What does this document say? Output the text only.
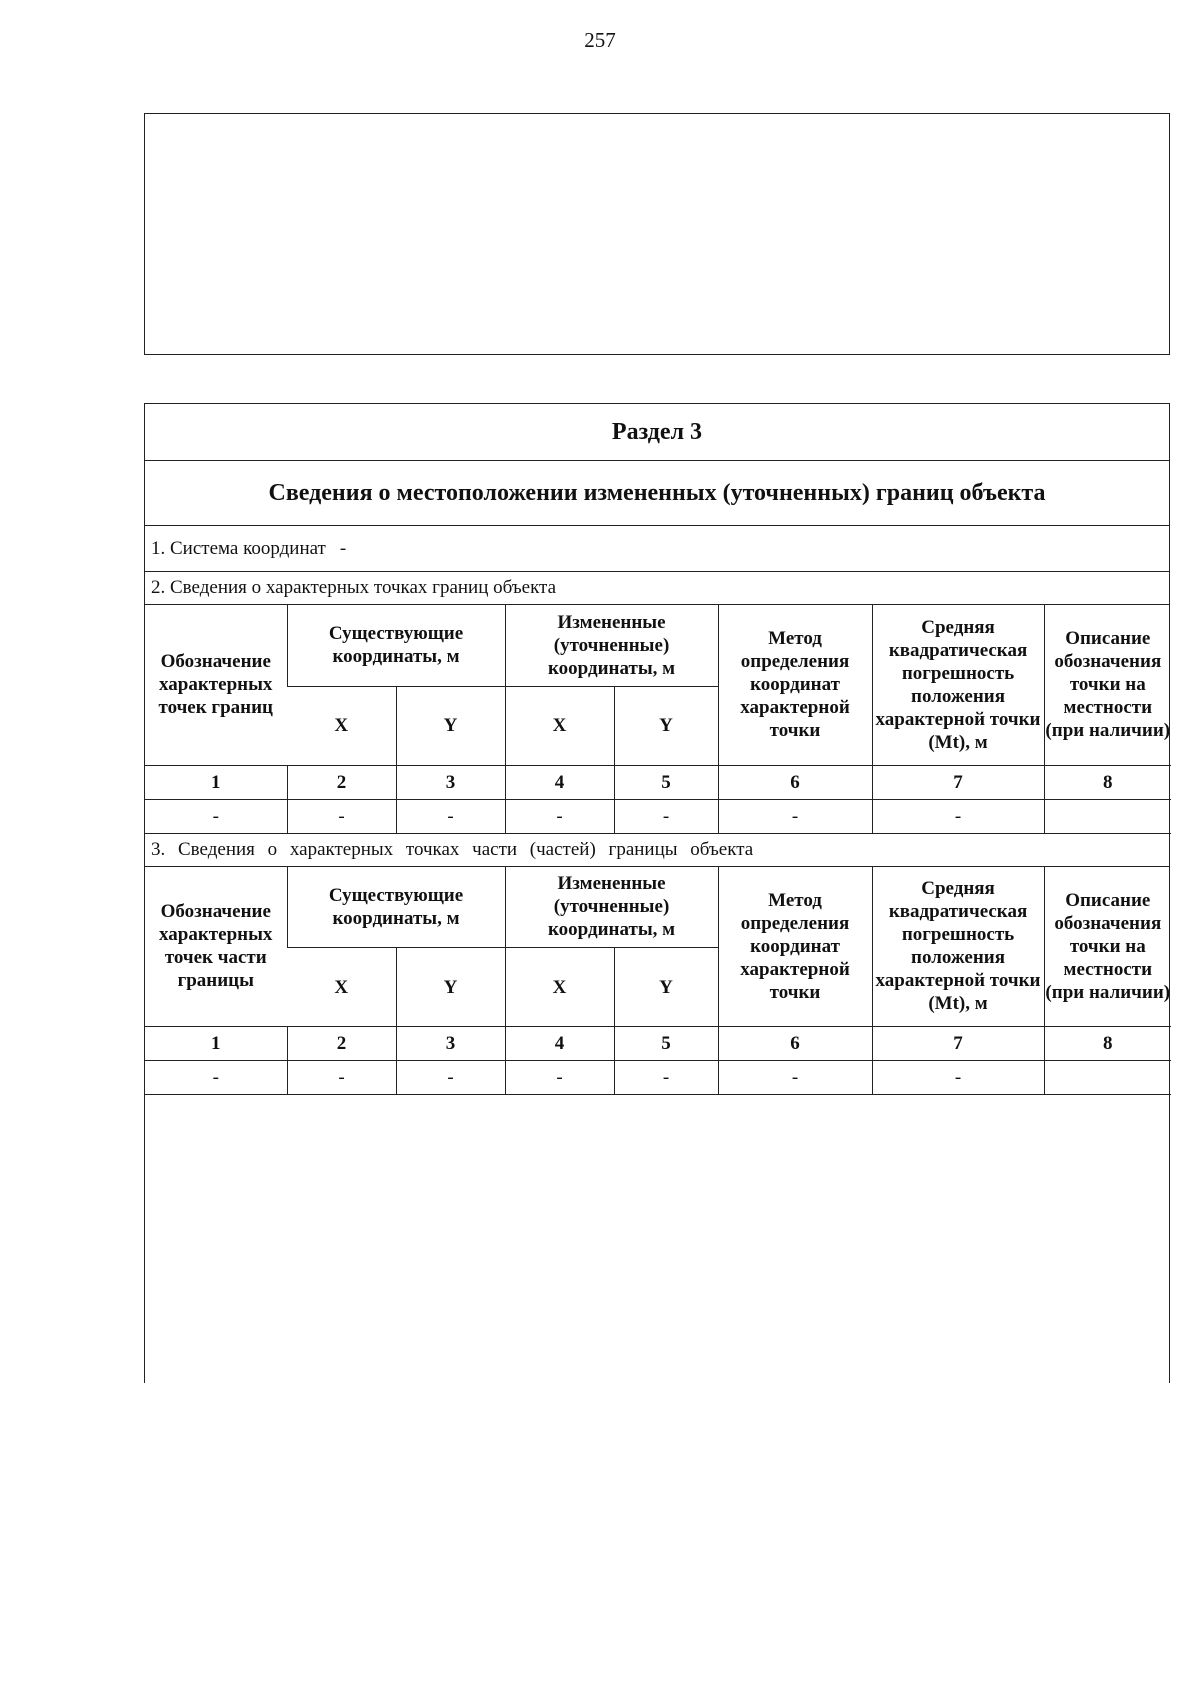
257
Раздел 3
Сведения о местоположении измененных (уточненных) границ объекта
1. Система координат -
2. Сведения о характерных точках границ объекта
Обозначение характерных точек границ	Существующие координаты, м		Измененные (уточненные) координаты, м		Метод определения координат характерной точки	Средняя квадратическая погрешность положения характерной точки (Mt), м	Описание обозначения точки на местности (при наличии)
	X	Y	X	Y			
1	2	3	4	5	6	7	8
-	-	-	-	-	-	-	
3. Сведения о характерных точках части (частей) границы объекта
Обозначение характерных точек части границы	Существующие координаты, м		Измененные (уточненные) координаты, м		Метод определения координат характерной точки	Средняя квадратическая погрешность положения характерной точки (Mt), м	Описание обозначения точки на местности (при наличии)
	X	Y	X	Y			
1	2	3	4	5	6	7	8
-	-	-	-	-	-	-	
